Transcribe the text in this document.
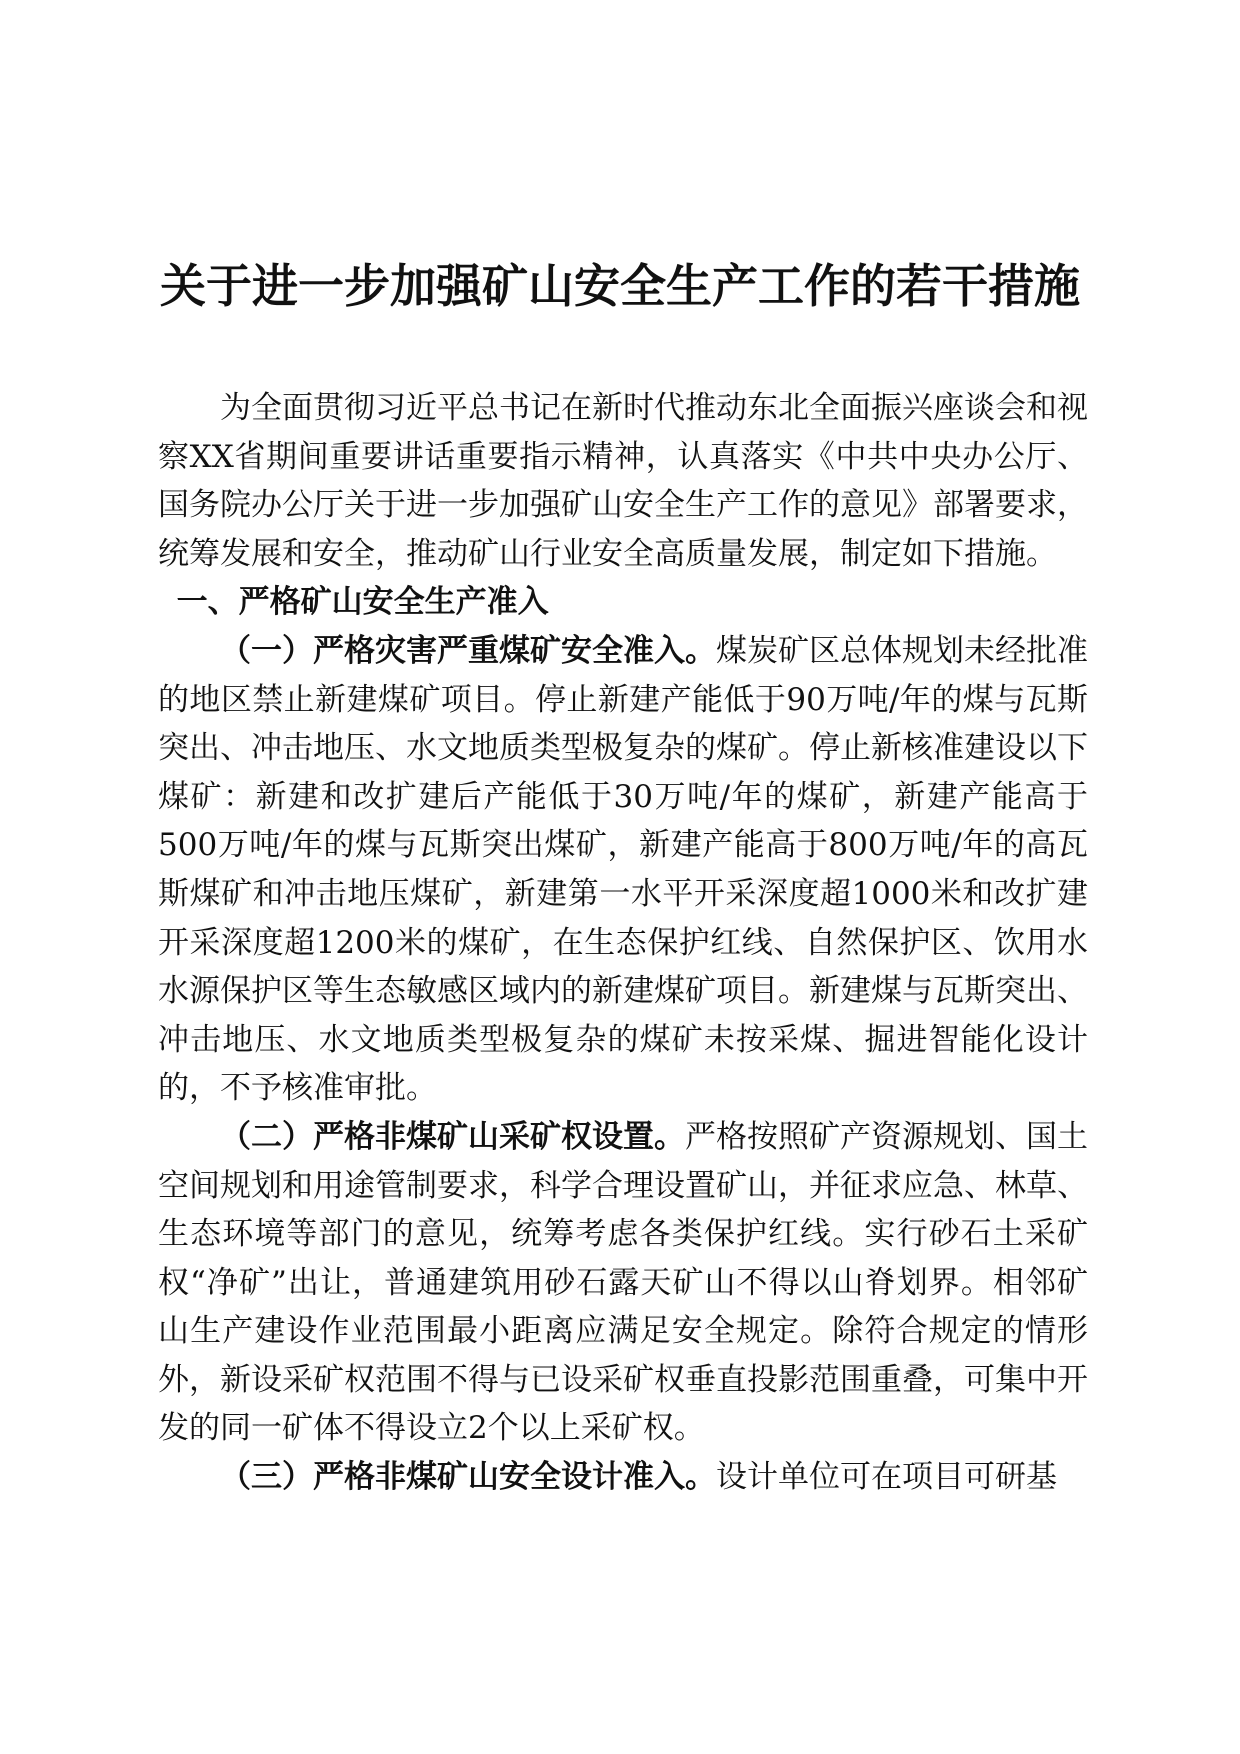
关于进一步加强矿山安全生产工作的若干措施

为全面贯彻习近平总书记在新时代推动东北全面振兴座谈会和视察XX省期间重要讲话重要指示精神，认真落实《中共中央办公厅、国务院办公厅关于进一步加强矿山安全生产工作的意见》部署要求，统筹发展和安全，推动矿山行业安全高质量发展，制定如下措施。

一、严格矿山安全生产准入

（一）严格灾害严重煤矿安全准入。煤炭矿区总体规划未经批准的地区禁止新建煤矿项目。停止新建产能低于90万吨/年的煤与瓦斯突出、冲击地压、水文地质类型极复杂的煤矿。停止新核准建设以下煤矿：新建和改扩建后产能低于30万吨/年的煤矿，新建产能高于500万吨/年的煤与瓦斯突出煤矿，新建产能高于800万吨/年的高瓦斯煤矿和冲击地压煤矿，新建第一水平开采深度超1000米和改扩建开采深度超1200米的煤矿，在生态保护红线、自然保护区、饮用水水源保护区等生态敏感区域内的新建煤矿项目。新建煤与瓦斯突出、冲击地压、水文地质类型极复杂的煤矿未按采煤、掘进智能化设计的，不予核准审批。

（二）严格非煤矿山采矿权设置。严格按照矿产资源规划、国土空间规划和用途管制要求，科学合理设置矿山，并征求应急、林草、生态环境等部门的意见，统筹考虑各类保护红线。实行砂石土采矿权“净矿”出让，普通建筑用砂石露天矿山不得以山脊划界。相邻矿山生产建设作业范围最小距离应满足安全规定。除符合规定的情形外，新设采矿权范围不得与已设采矿权垂直投影范围重叠，可集中开发的同一矿体不得设立2个以上采矿权。

（三）严格非煤矿山安全设计准入。设计单位可在项目可研基
